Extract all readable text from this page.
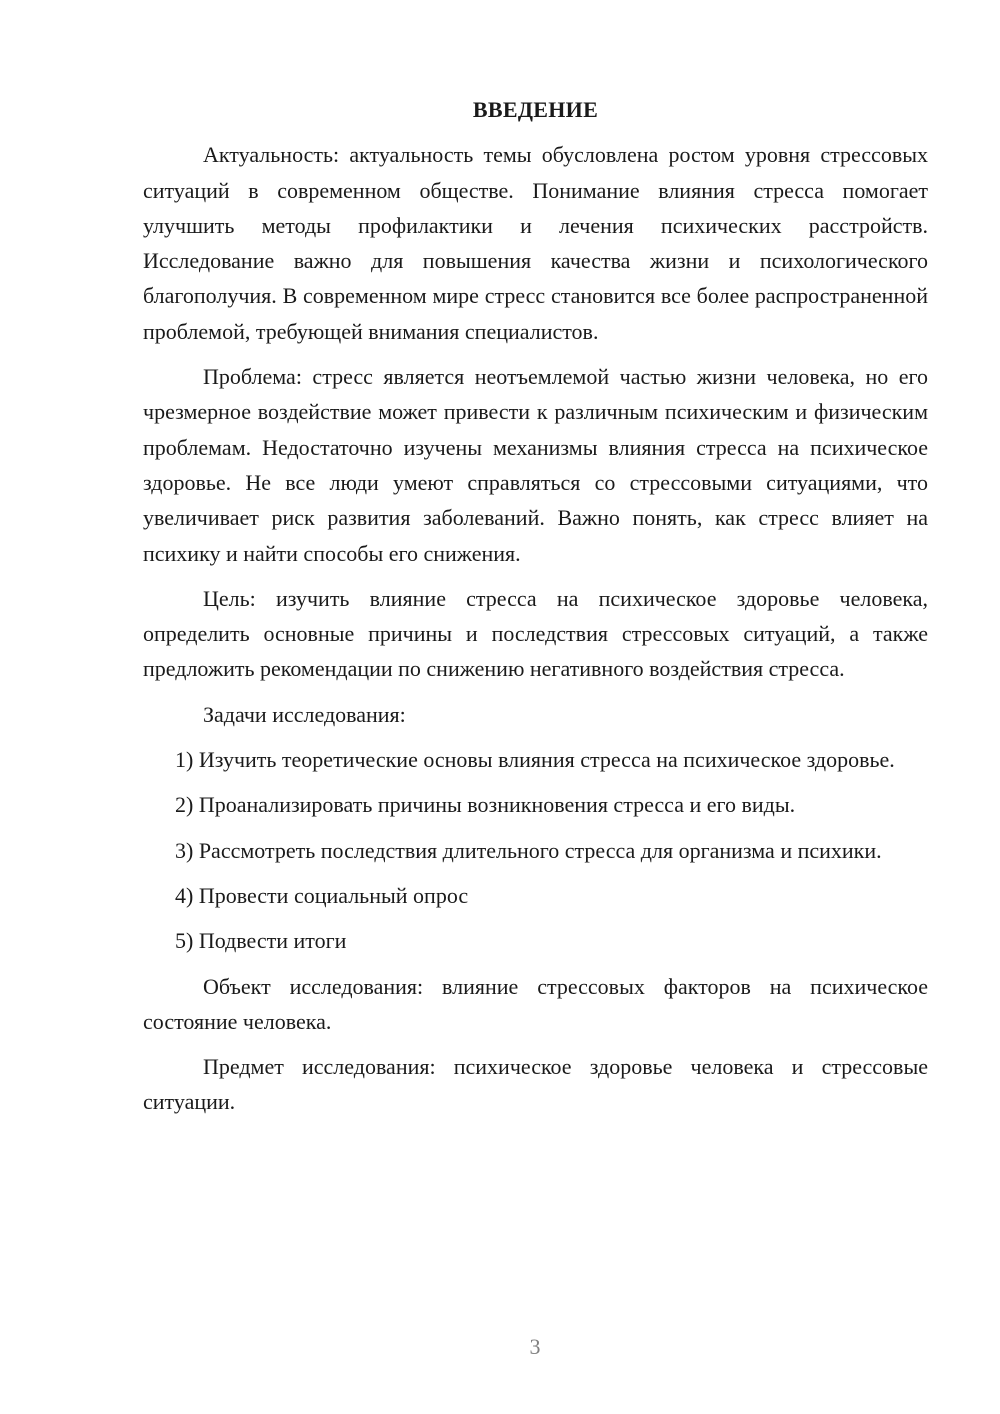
ВВЕДЕНИЕ

Актуальность: актуальность темы обусловлена ростом уровня стрессовых ситуаций в современном обществе. Понимание влияния стресса помогает улучшить методы профилактики и лечения психических расстройств. Исследование важно для повышения качества жизни и психологического благополучия. В современном мире стресс становится все более распространенной проблемой, требующей внимания специалистов.

Проблема: стресс является неотъемлемой частью жизни человека, но его чрезмерное воздействие может привести к различным психическим и физическим проблемам. Недостаточно изучены механизмы влияния стресса на психическое здоровье. Не все люди умеют справляться со стрессовыми ситуациями, что увеличивает риск развития заболеваний. Важно понять, как стресс влияет на психику и найти способы его снижения.

Цель: изучить влияние стресса на психическое здоровье человека, определить основные причины и последствия стрессовых ситуаций, а также предложить рекомендации по снижению негативного воздействия стресса.

Задачи исследования:

1) Изучить теоретические основы влияния стресса на психическое здоровье.

2) Проанализировать причины возникновения стресса и его виды.

3) Рассмотреть последствия длительного стресса для организма и психики.

4) Провести социальный опрос

5) Подвести итоги

Объект исследования: влияние стрессовых факторов на психическое состояние человека.

Предмет исследования: психическое здоровье человека и стрессовые ситуации.

3
